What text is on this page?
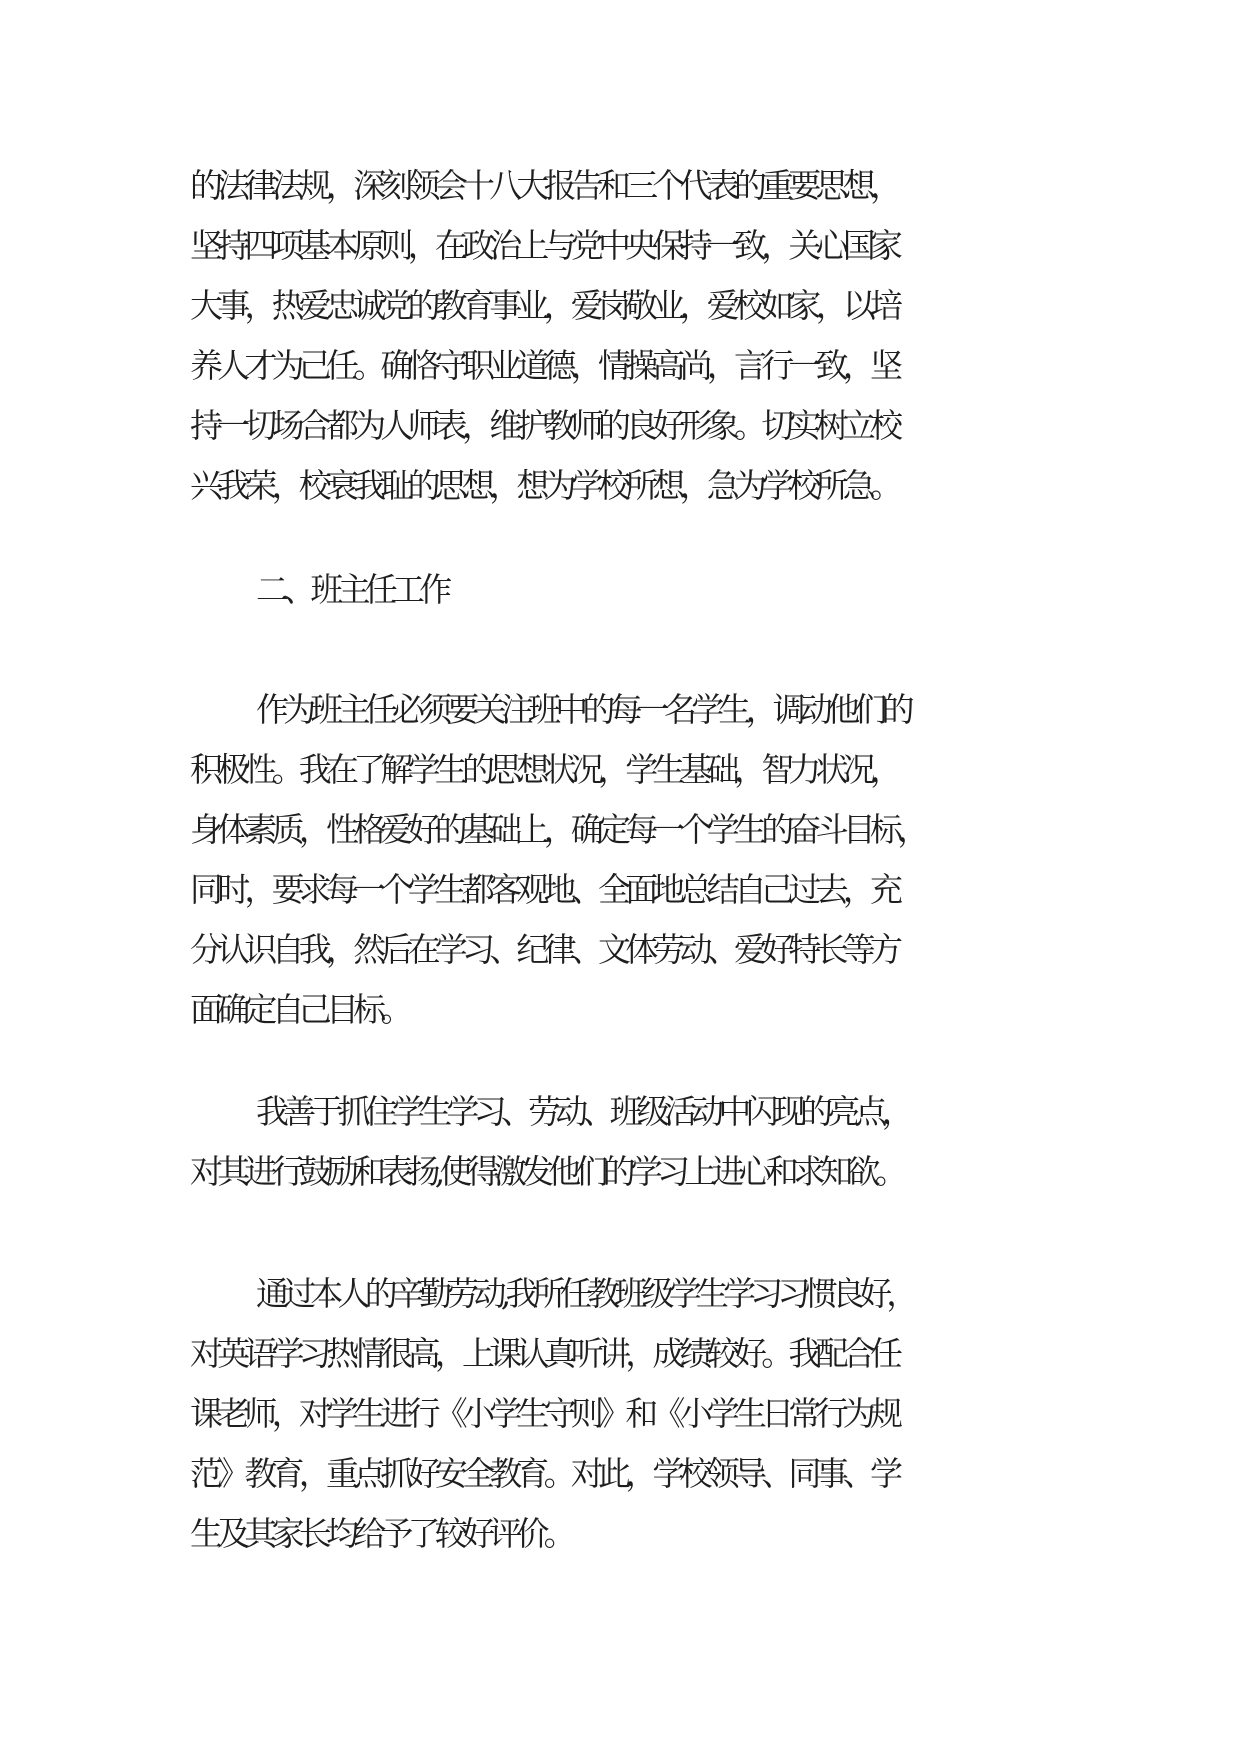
的法律法规，深刻领会十八大报告和三个代表的重要思想，
坚持四项基本原则，在政治上与党中央保持一致，关心国家
大事，热爱忠诚党的教育事业，爱岗敬业，爱校如家，以培
养人才为己任。确恪守职业道德，情操高尚，言行一致，坚
持一切场合都为人师表，维护教师的良好形象。切实树立校
兴我荣，校衰我耻的思想，想为学校所想，急为学校所急。
二、班主任工作
作为班主任必须要关注班中的每一名学生，调动他们的
积极性。我在了解学生的思想状况，学生基础，智力状况，
身体素质，性格爱好的基础上，确定每一个学生的奋斗目标，
同时，要求每一个学生都客观地、全面地总结自己过去，充
分认识自我，然后在学习、纪律、文体劳动、爱好特长等方
面确定自己目标。
我善于抓住学生学习、劳动、班级活动中闪现的亮点，
对其进行鼓励和表扬,使得激发他们的学习上进心和求知欲。
通过本人的辛勤劳动,我所任教班级学生学习习惯良好，
对英语学习热情很高，上课认真听讲，成绩较好。我配合任
课老师，对学生进行《小学生守则》和《小学生日常行为规
范》教育，重点抓好安全教育。对此，学校领导、同事、学
生及其家长均给予了较好评价。
